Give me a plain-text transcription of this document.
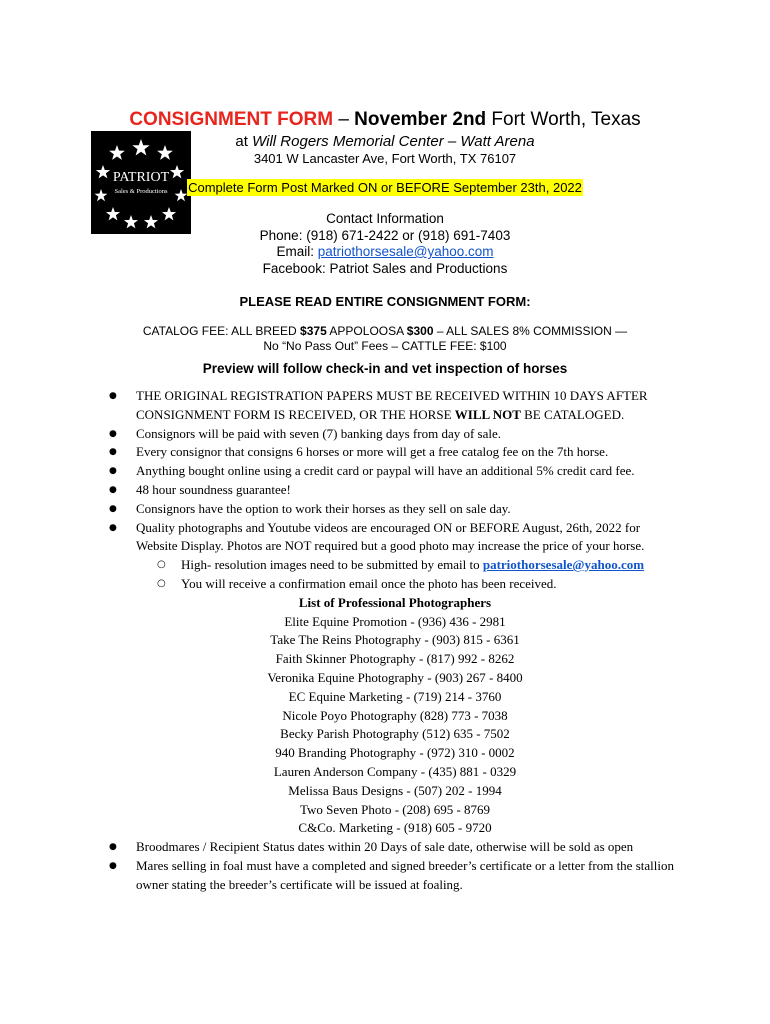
PATRIOT
Sales & Productions
CONSIGNMENT FORM – November 2nd Fort Worth, Texas
at Will Rogers Memorial Center – Watt Arena
3401 W Lancaster Ave, Fort Worth, TX 76107
Complete Form Post Marked ON or BEFORE September 23th, 2022
Contact Information
Phone: (918) 671-2422 or (918) 691-7403
Email: patriothorsesale@yahoo.com
Facebook: Patriot Sales and Productions
PLEASE READ ENTIRE CONSIGNMENT FORM:
CATALOG FEE: ALL BREED $375 APPOLOOSA $300 – ALL SALES 8% COMMISSION —
No “No Pass Out” Fees – CATTLE FEE: $100
Preview will follow check-in and vet inspection of horses
● THE ORIGINAL REGISTRATION PAPERS MUST BE RECEIVED WITHIN 10 DAYS AFTER CONSIGNMENT FORM IS RECEIVED, OR THE HORSE WILL NOT BE CATALOGED.
● Consignors will be paid with seven (7) banking days from day of sale.
● Every consignor that consigns 6 horses or more will get a free catalog fee on the 7th horse.
● Anything bought online using a credit card or paypal will have an additional 5% credit card fee.
● 48 hour soundness guarantee!
● Consignors have the option to work their horses as they sell on sale day.
● Quality photographs and Youtube videos are encouraged ON or BEFORE August, 26th, 2022 for Website Display. Photos are NOT required but a good photo may increase the price of your horse.
○ High- resolution images need to be submitted by email to patriothorsesale@yahoo.com
○ You will receive a confirmation email once the photo has been received.
List of Professional Photographers
Elite Equine Promotion - (936) 436 - 2981
Take The Reins Photography - (903) 815 - 6361
Faith Skinner Photography - (817) 992 - 8262
Veronika Equine Photography - (903) 267 - 8400
EC Equine Marketing - (719) 214 - 3760
Nicole Poyo Photography (828) 773 - 7038
Becky Parish Photography (512) 635 - 7502
940 Branding Photography - (972) 310 - 0002
Lauren Anderson Company - (435) 881 - 0329
Melissa Baus Designs - (507) 202 - 1994
Two Seven Photo - (208) 695 - 8769
C&Co. Marketing - (918) 605 - 9720
● Broodmares / Recipient Status dates within 20 Days of sale date, otherwise will be sold as open
● Mares selling in foal must have a completed and signed breeder’s certificate or a letter from the stallion owner stating the breeder’s certificate will be issued at foaling.
